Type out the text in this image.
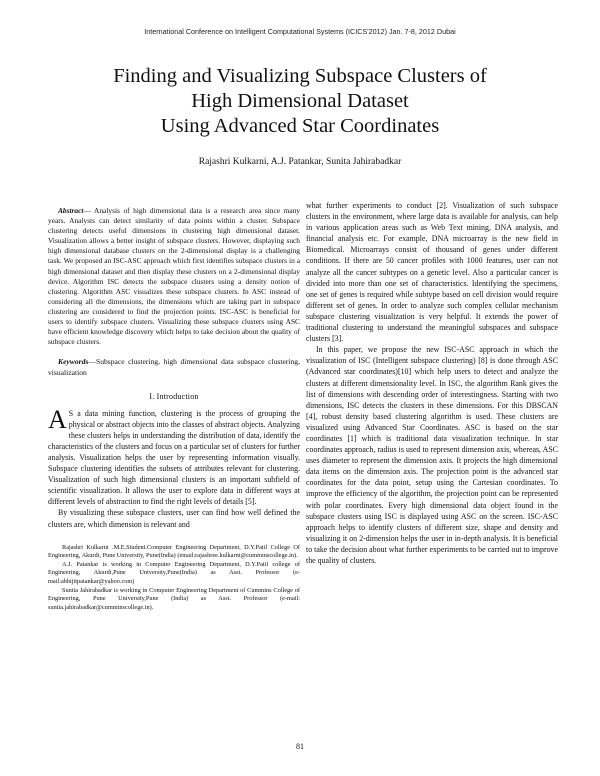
International Conference on Intelligent Computational Systems (ICICS'2012) Jan. 7-8, 2012 Dubai
Finding and Visualizing Subspace Clusters of
High Dimensional Dataset
Using Advanced Star Coordinates
Rajashri Kulkarni, A.J. Patankar, Sunita Jahirabadkar

Abstract— Analysis of high dimensional data is a research area since many years. Analysts can detect similarity of data points within a cluster. Subspace clustering detects useful dimensions in clustering high dimensional dataset. Visualization allows a better insight of subspace clusters. However, displaying such high dimensional database clusters on the 2-dimensional display is a challenging task. We proposed an ISC-ASC approach which first identifies subspace clusters in a high dimensional dataset and then display these clusters on a 2-dimensional display device. Algorithm ISC detects the subspace clusters using a density notion of clustering. Algorithm ASC visualizes these subspace clusters. In ASC instead of considering all the dimensions, the dimensions which are taking part in subspace clustering are considered to find the projection points. ISC-ASC is beneficial for users to identify subspace clusters. Visualizing these subspace clusters using ASC have efficient knowledge discovery which helps to take decision about the quality of subspace clusters.

Keywords—Subspace clustering, high dimensional data subspace clustering, visualization

I. Introduction

A S a data mining function, clustering is the process of grouping the physical or abstract objects into the classes of abstract objects. Analyzing these clusters helps in understanding the distribution of data, identify the characteristics of the clusters and focus on a particular set of clusters for further analysis. Visualization helps the user by representing information visually. Subspace clustering identifies the subsets of attributes relevant for clustering. Visualization of such high dimensional clusters is an important subfield of scientific visualization. It allows the user to explore data in different ways at different levels of abstraction to find the right levels of details [5].

By visualizing these subspace clusters, user can find how well defined the clusters are, which dimension is relevant and

Rajashri Kulkarni .M.E.Student.Computer Engineering Department, D.Y.Patil College Of Engineering, Akurdi, Pune University, Pune(India) (email:rajashree.kulkarni@cumminscollege.in).

A.J. Patankar is working in Computer Engineering Department, D.Y.Patil college of Engineering, Akurdi,Pune University,Pune(India) as Asst. Professor (e-mail:abhijitpatankar@yahoo.com)

Sunita Jahirabadkar is working in Computer Engineering Department of Cummins College of Engineering, Pune University,Pune (India) as Asst. Professor (e-mail: sunita.jahirabadkar@cumminscollege.in).

what further experiments to conduct [2]. Visualization of such subspace clusters in the environment, where large data is available for analysis, can help in various application areas such as Web Text mining, DNA analysis, and financial analysis etc. For example, DNA microarray is the new field in Biomedical. Microarrays consist of thousand of genes under different conditions. If there are 50 cancer profiles with 1000 features, user can not analyze all the cancer subtypes on a genetic level. Also a particular cancer is divided into more than one set of characteristics. Identifying the specimens, one set of genes is required while subtype based on cell division would require different set of genes. In order to analyze such complex cellular mechanism subspace clustering visualization is very helpful. It extends the power of traditional clustering to understand the meaningful subspaces and subspace clusters [3].

In this paper, we propose the new ISC-ASC approach in which the visualization of ISC (Intelligent subspace clustering) [8] is done through ASC (Advanced star coordinates)[10] which help users to detect and analyze the clusters at different dimensionality level. In ISC, the algorithm Rank gives the list of dimensions with descending order of interestingness. Starting with two dimensions, ISC detects the clusters in these dimensions. For this DBSCAN [4], robust density based clustering algorithm is used. These clusters are visualized using Advanced Star Coordinates. ASC is based on the star coordinates [1] which is traditional data visualization technique. In star coordinates approach, radius is used to represent dimension axis, whereas, ASC uses diameter to represent the dimension axis. It projects the high dimensional data items on the dimension axis. The projection point is the advanced star coordinates for the data point, setup using the Cartesian coordinates. To improve the efficiency of the algorithm, the projection point can be represented with polar coordinates. Every high dimensional data object found in the subspace clusters using ISC is displayed using ASC on the screen. ISC-ASC approach helps to identify clusters of different size, shape and density and visualizing it on 2-dimension helps the user in in-depth analysis. It is beneficial to take the decision about what further experiments to be carried out to improve the quality of clusters.

81
